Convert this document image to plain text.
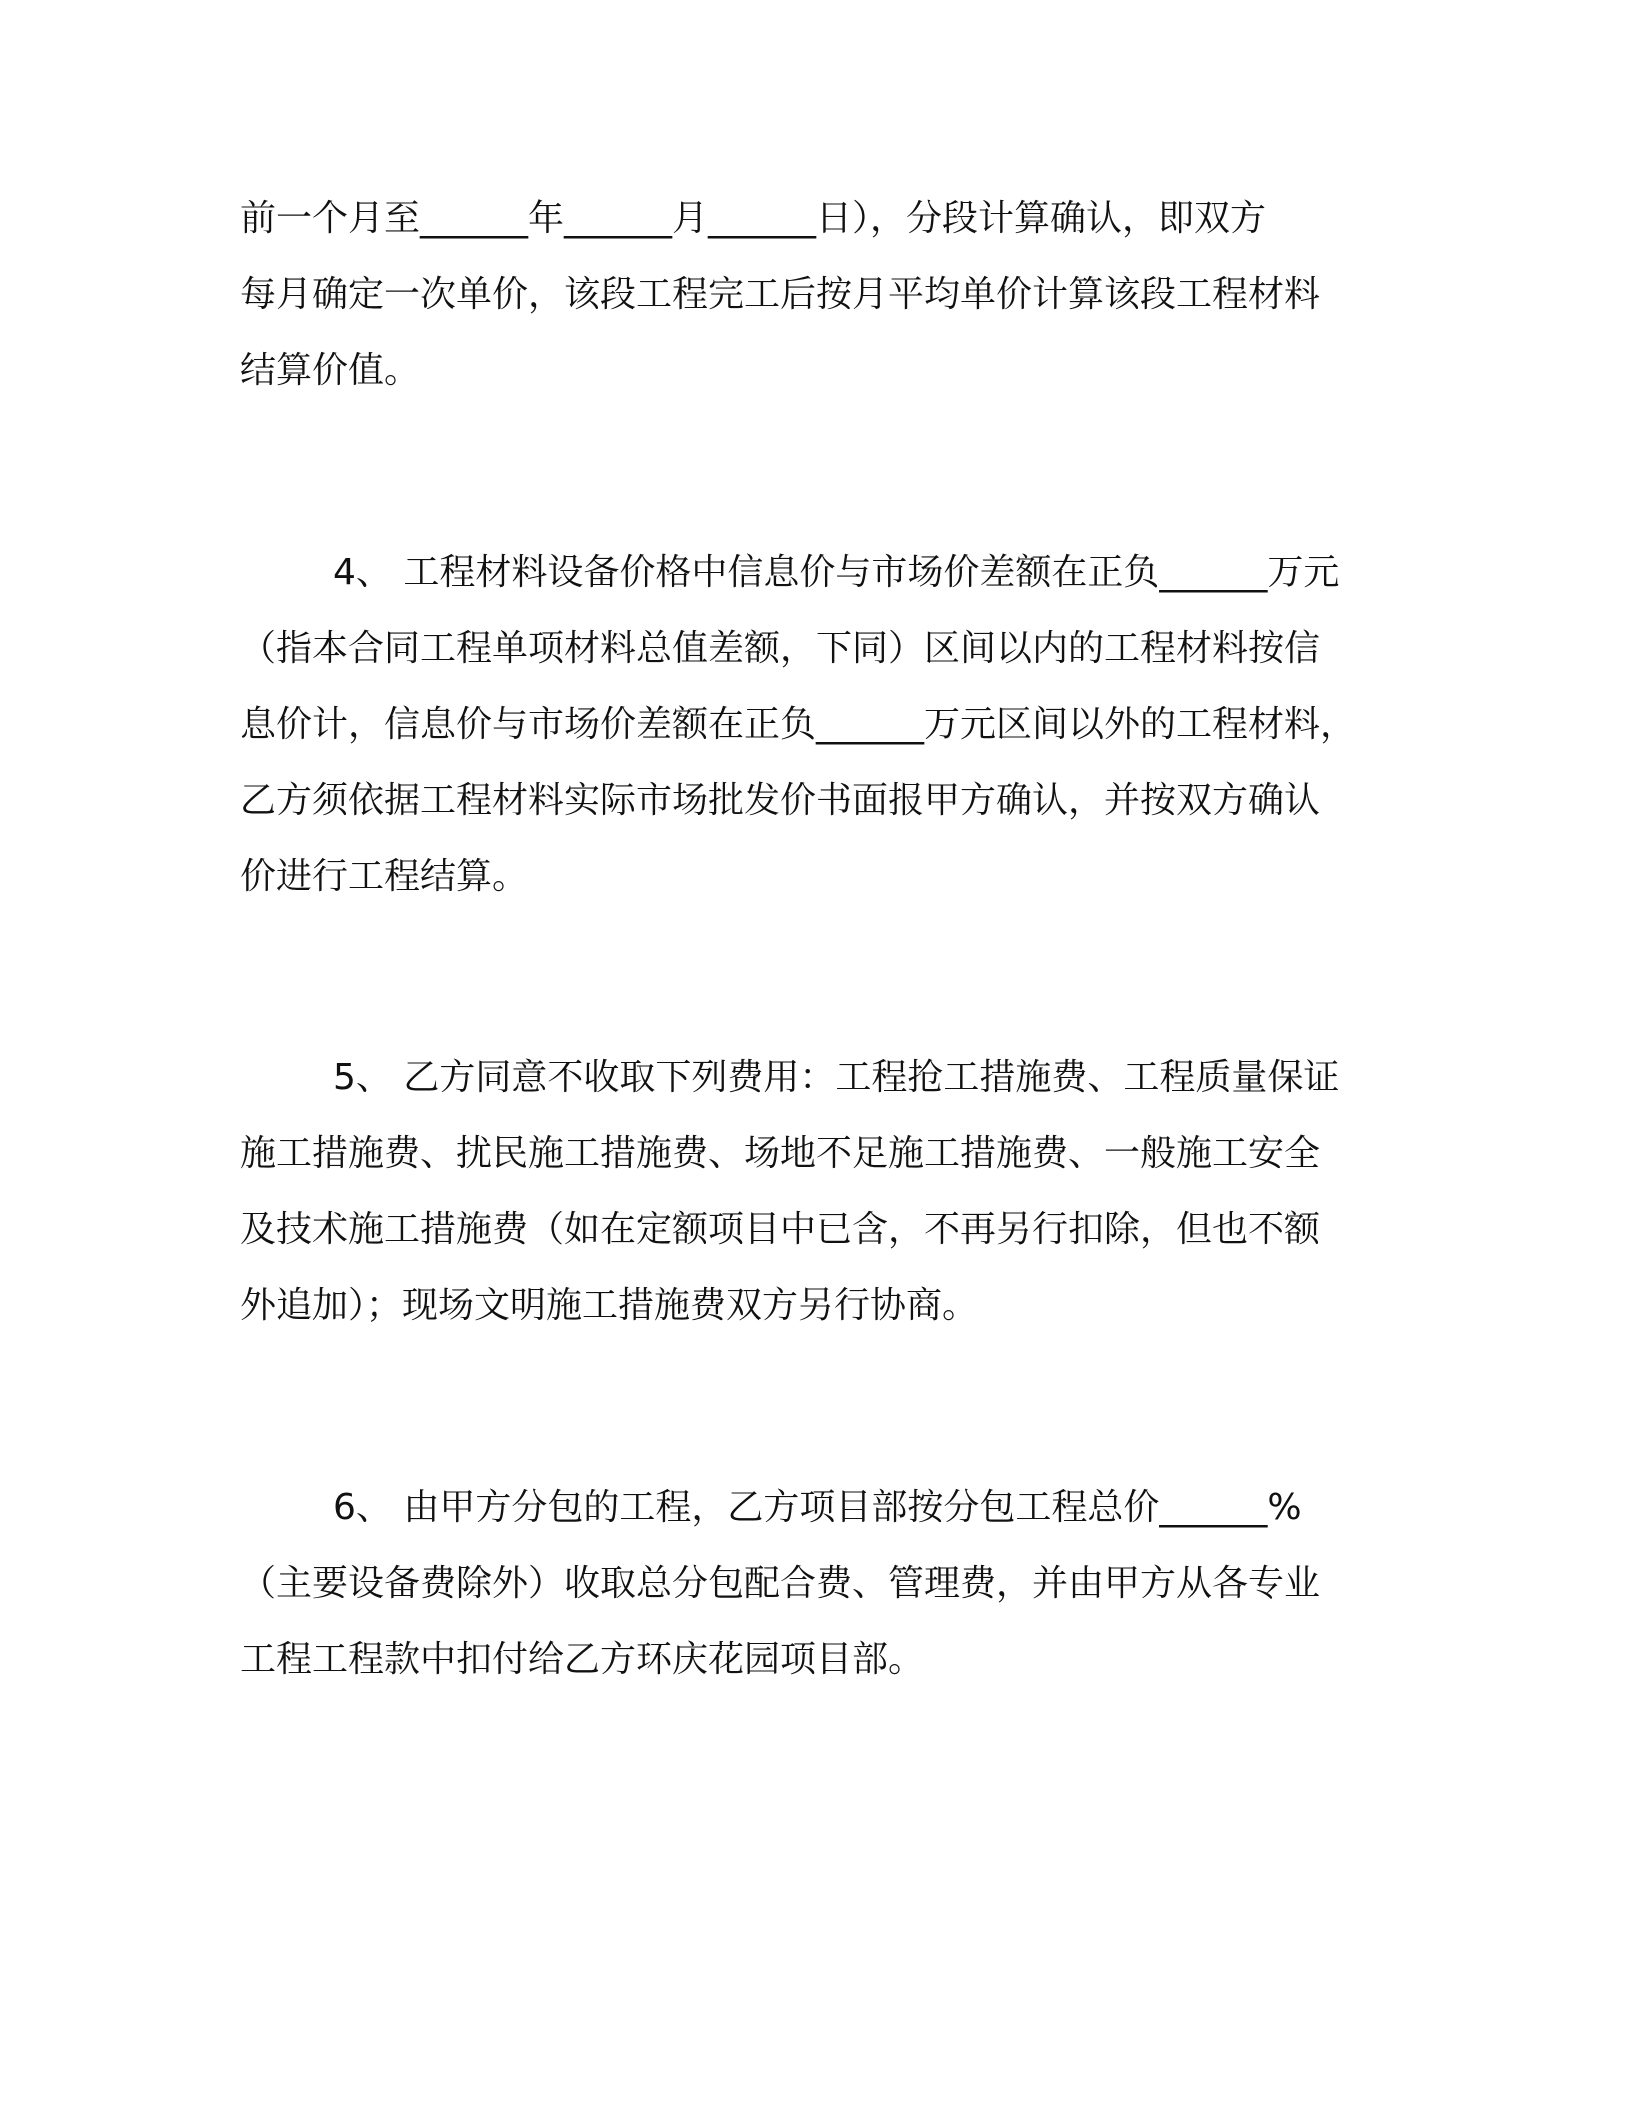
前一个月至______年______月______日），分段计算确认，即双方
每月确定一次单价，该段工程完工后按月平均单价计算该段工程材料
结算价值。
4、 工程材料设备价格中信息价与市场价差额在正负______万元
（指本合同工程单项材料总值差额，下同）区间以内的工程材料按信
息价计，信息价与市场价差额在正负______万元区间以外的工程材料，
乙方须依据工程材料实际市场批发价书面报甲方确认，并按双方确认
价进行工程结算。
5、 乙方同意不收取下列费用：工程抢工措施费、工程质量保证
施工措施费、扰民施工措施费、场地不足施工措施费、一般施工安全
及技术施工措施费（如在定额项目中已含，不再另行扣除，但也不额
外追加）；现场文明施工措施费双方另行协商。
6、 由甲方分包的工程，乙方项目部按分包工程总价______%
（主要设备费除外）收取总分包配合费、管理费，并由甲方从各专业
工程工程款中扣付给乙方环庆花园项目部。
